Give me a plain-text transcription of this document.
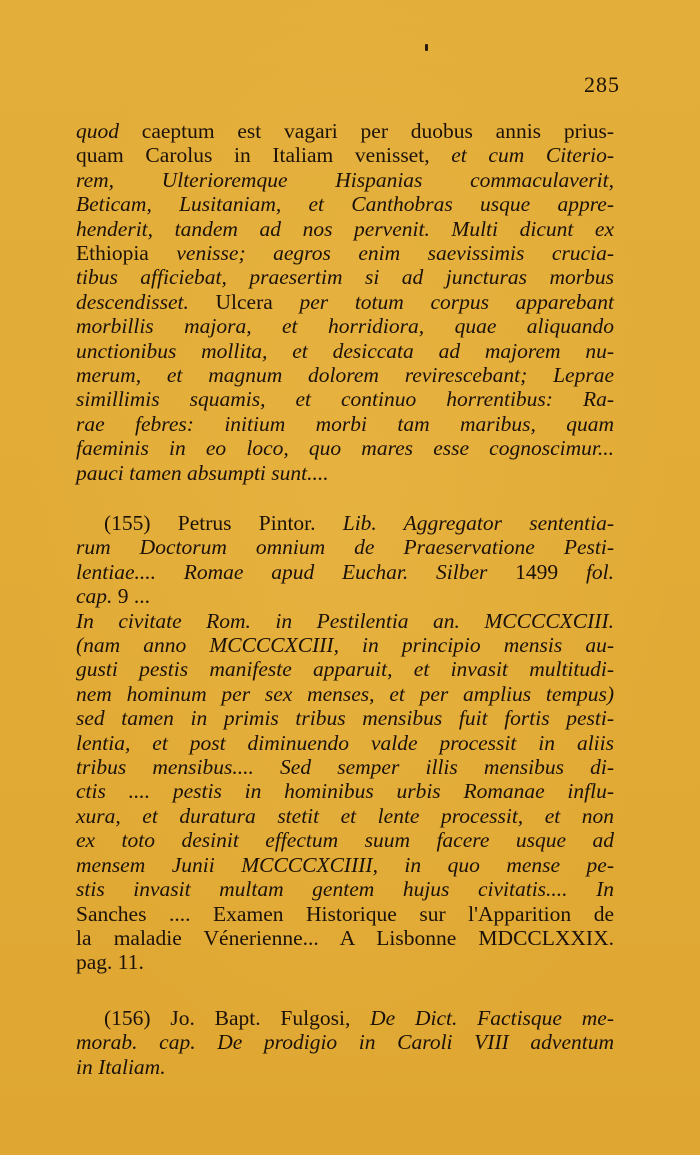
285
quod caeptum est vagari per duobus annis prius-
quam Carolus in Italiam venisset, et cum Citerio-
rem, Ulterioremque Hispanias commaculaverit,
Beticam, Lusitaniam, et Canthobras usque appre-
henderit, tandem ad nos pervenit. Multi dicunt ex
Ethiopia venisse; aegros enim saevissimis crucia-
tibus afficiebat, praesertim si ad juncturas morbus
descendisset. Ulcera per totum corpus apparebant
morbillis majora, et horridiora, quae aliquando
unctionibus mollita, et desiccata ad majorem nu-
merum, et magnum dolorem revirescebant; Leprae
simillimis squamis, et continuo horrentibus: Ra-
rae febres: initium morbi tam maribus, quam
faeminis in eo loco, quo mares esse cognoscimur...
pauci tamen absumpti sunt....
(155) Petrus Pintor. Lib. Aggregator sententia-
rum Doctorum omnium de Praeservatione Pesti-
lentiae.... Romae apud Euchar. Silber 1499 fol.
cap. 9 ...
In civitate Rom. in Pestilentia an. MCCCCXCIII.
(nam anno MCCCCXCIII, in principio mensis au-
gusti pestis manifeste apparuit, et invasit multitudi-
nem hominum per sex menses, et per amplius tempus)
sed tamen in primis tribus mensibus fuit fortis pesti-
lentia, et post diminuendo valde processit in aliis
tribus mensibus.... Sed semper illis mensibus di-
ctis .... pestis in hominibus urbis Romanae influ-
xura, et duratura stetit et lente processit, et non
ex toto desinit effectum suum facere usque ad
mensem Junii MCCCCXCIIII, in quo mense pe-
stis invasit multam gentem hujus civitatis.... In
Sanches .... Examen Historique sur l'Apparition de
la maladie Vénerienne... A Lisbonne MDCCLXXIX.
pag. 11.
(156) Jo. Bapt. Fulgosi, De Dict. Factisque me-
morab. cap. De prodigio in Caroli VIII adventum
in Italiam.
